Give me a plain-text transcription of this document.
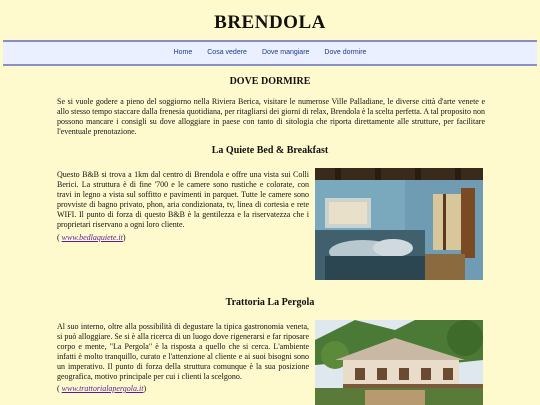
BRENDOLA
Home Cosa vedere Dove mangiare Dove dormire
DOVE DORMIRE
Se si vuole godere a pieno del soggiorno nella Riviera Berica, visitare le numerose Ville Palladiane, le diverse città d'arte venete e allo stesso tempo staccare dalla frenesia quotidiana, per ritagliarsi dei giorni di relax, Brendola è la scelta perfetta. A tal proposito non possono mancare i consigli su dove alloggiare in paese con tanto di sitologia che riporta direttamente alle strutture, per facilitare l'eventuale prenotazione.
La Quiete Bed & Breakfast
Questo B&B si trova a 1km dal centro di Brendola e offre una vista sui Colli Berici. La struttura è di fine '700 e le camere sono rustiche e colorate, con travi in legno a vista sul soffitto e pavimenti in parquet. Tutte le camere sono provviste di bagno privato, phon, aria condizionata, tv, linea di cortesia e rete WIFI. Il punto di forza di questo B&B è la gentilezza e la riservatezza che i proprietari riservano a ogni loro cliente.
( www.bedlaquiete.it)
Trattoria La Pergola
Al suo interno, oltre alla possibilità di degustare la tipica gastronomia veneta, si può alloggiare. Se si è alla ricerca di un luogo dove rigenerarsi e far riposare corpo e mente, "La Pergola" è la risposta a quello che si cerca. L'ambiente infatti è molto tranquillo, curato e l'attenzione al cliente e ai suoi bisogni sono un imperativo. Il punto di forza della struttura comunque è la sua posizione geografica, motivo principale per cui i clienti la scelgono.
( www.trattorialapergola.it)
